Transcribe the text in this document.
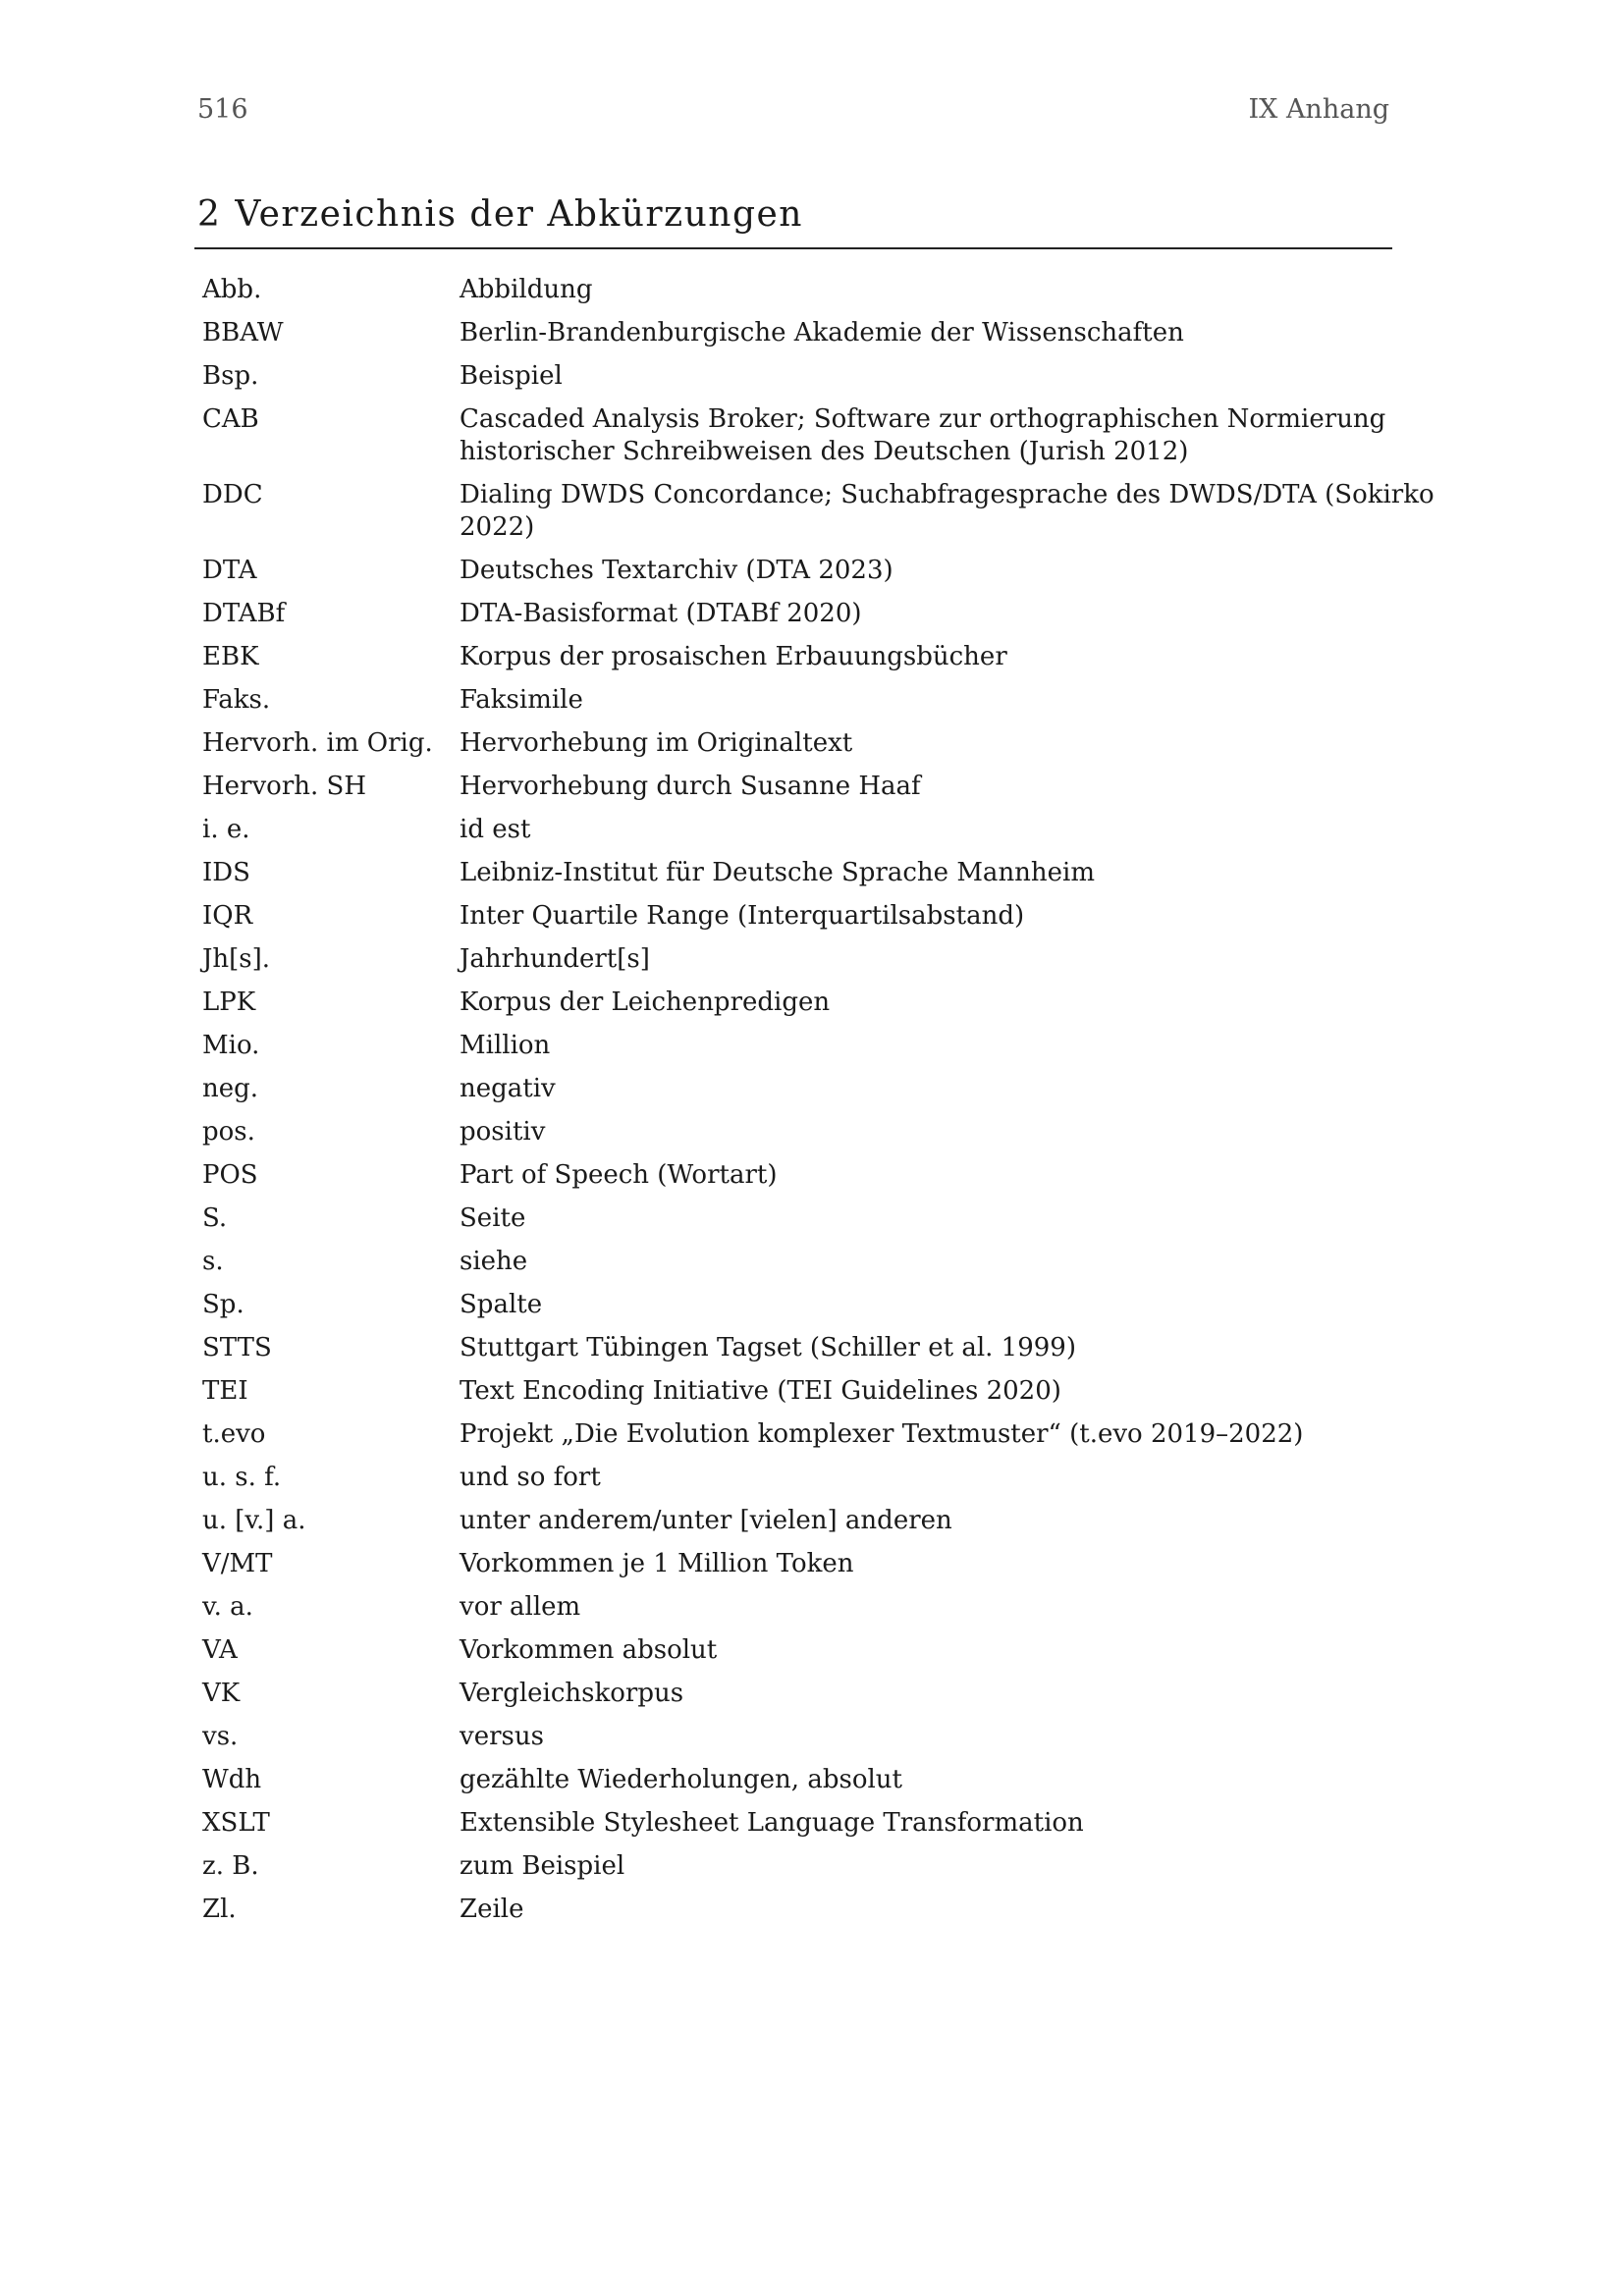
516	IX Anhang
2 Verzeichnis der Abkürzungen
Abb.	Abbildung
BBAW	Berlin-Brandenburgische Akademie der Wissenschaften
Bsp.	Beispiel
CAB	Cascaded Analysis Broker; Software zur orthographischen Normierung historischer Schreibweisen des Deutschen (Jurish 2012)
DDC	Dialing DWDS Concordance; Suchabfragesprache des DWDS/DTA (Sokirko 2022)
DTA	Deutsches Textarchiv (DTA 2023)
DTABf	DTA-Basisformat (DTABf 2020)
EBK	Korpus der prosaischen Erbauungsbücher
Faks.	Faksimile
Hervorh. im Orig.	Hervorhebung im Originaltext
Hervorh. SH	Hervorhebung durch Susanne Haaf
i. e.	id est
IDS	Leibniz-Institut für Deutsche Sprache Mannheim
IQR	Inter Quartile Range (Interquartilsabstand)
Jh[s].	Jahrhundert[s]
LPK	Korpus der Leichenpredigen
Mio.	Million
neg.	negativ
pos.	positiv
POS	Part of Speech (Wortart)
S.	Seite
s.	siehe
Sp.	Spalte
STTS	Stuttgart Tübingen Tagset (Schiller et al. 1999)
TEI	Text Encoding Initiative (TEI Guidelines 2020)
t.evo	Projekt „Die Evolution komplexer Textmuster“ (t.evo 2019–2022)
u. s. f.	und so fort
u. [v.] a.	unter anderem/unter [vielen] anderen
V/MT	Vorkommen je 1 Million Token
v. a.	vor allem
VA	Vorkommen absolut
VK	Vergleichskorpus
vs.	versus
Wdh	gezählte Wiederholungen, absolut
XSLT	Extensible Stylesheet Language Transformation
z. B.	zum Beispiel
Zl.	Zeile
